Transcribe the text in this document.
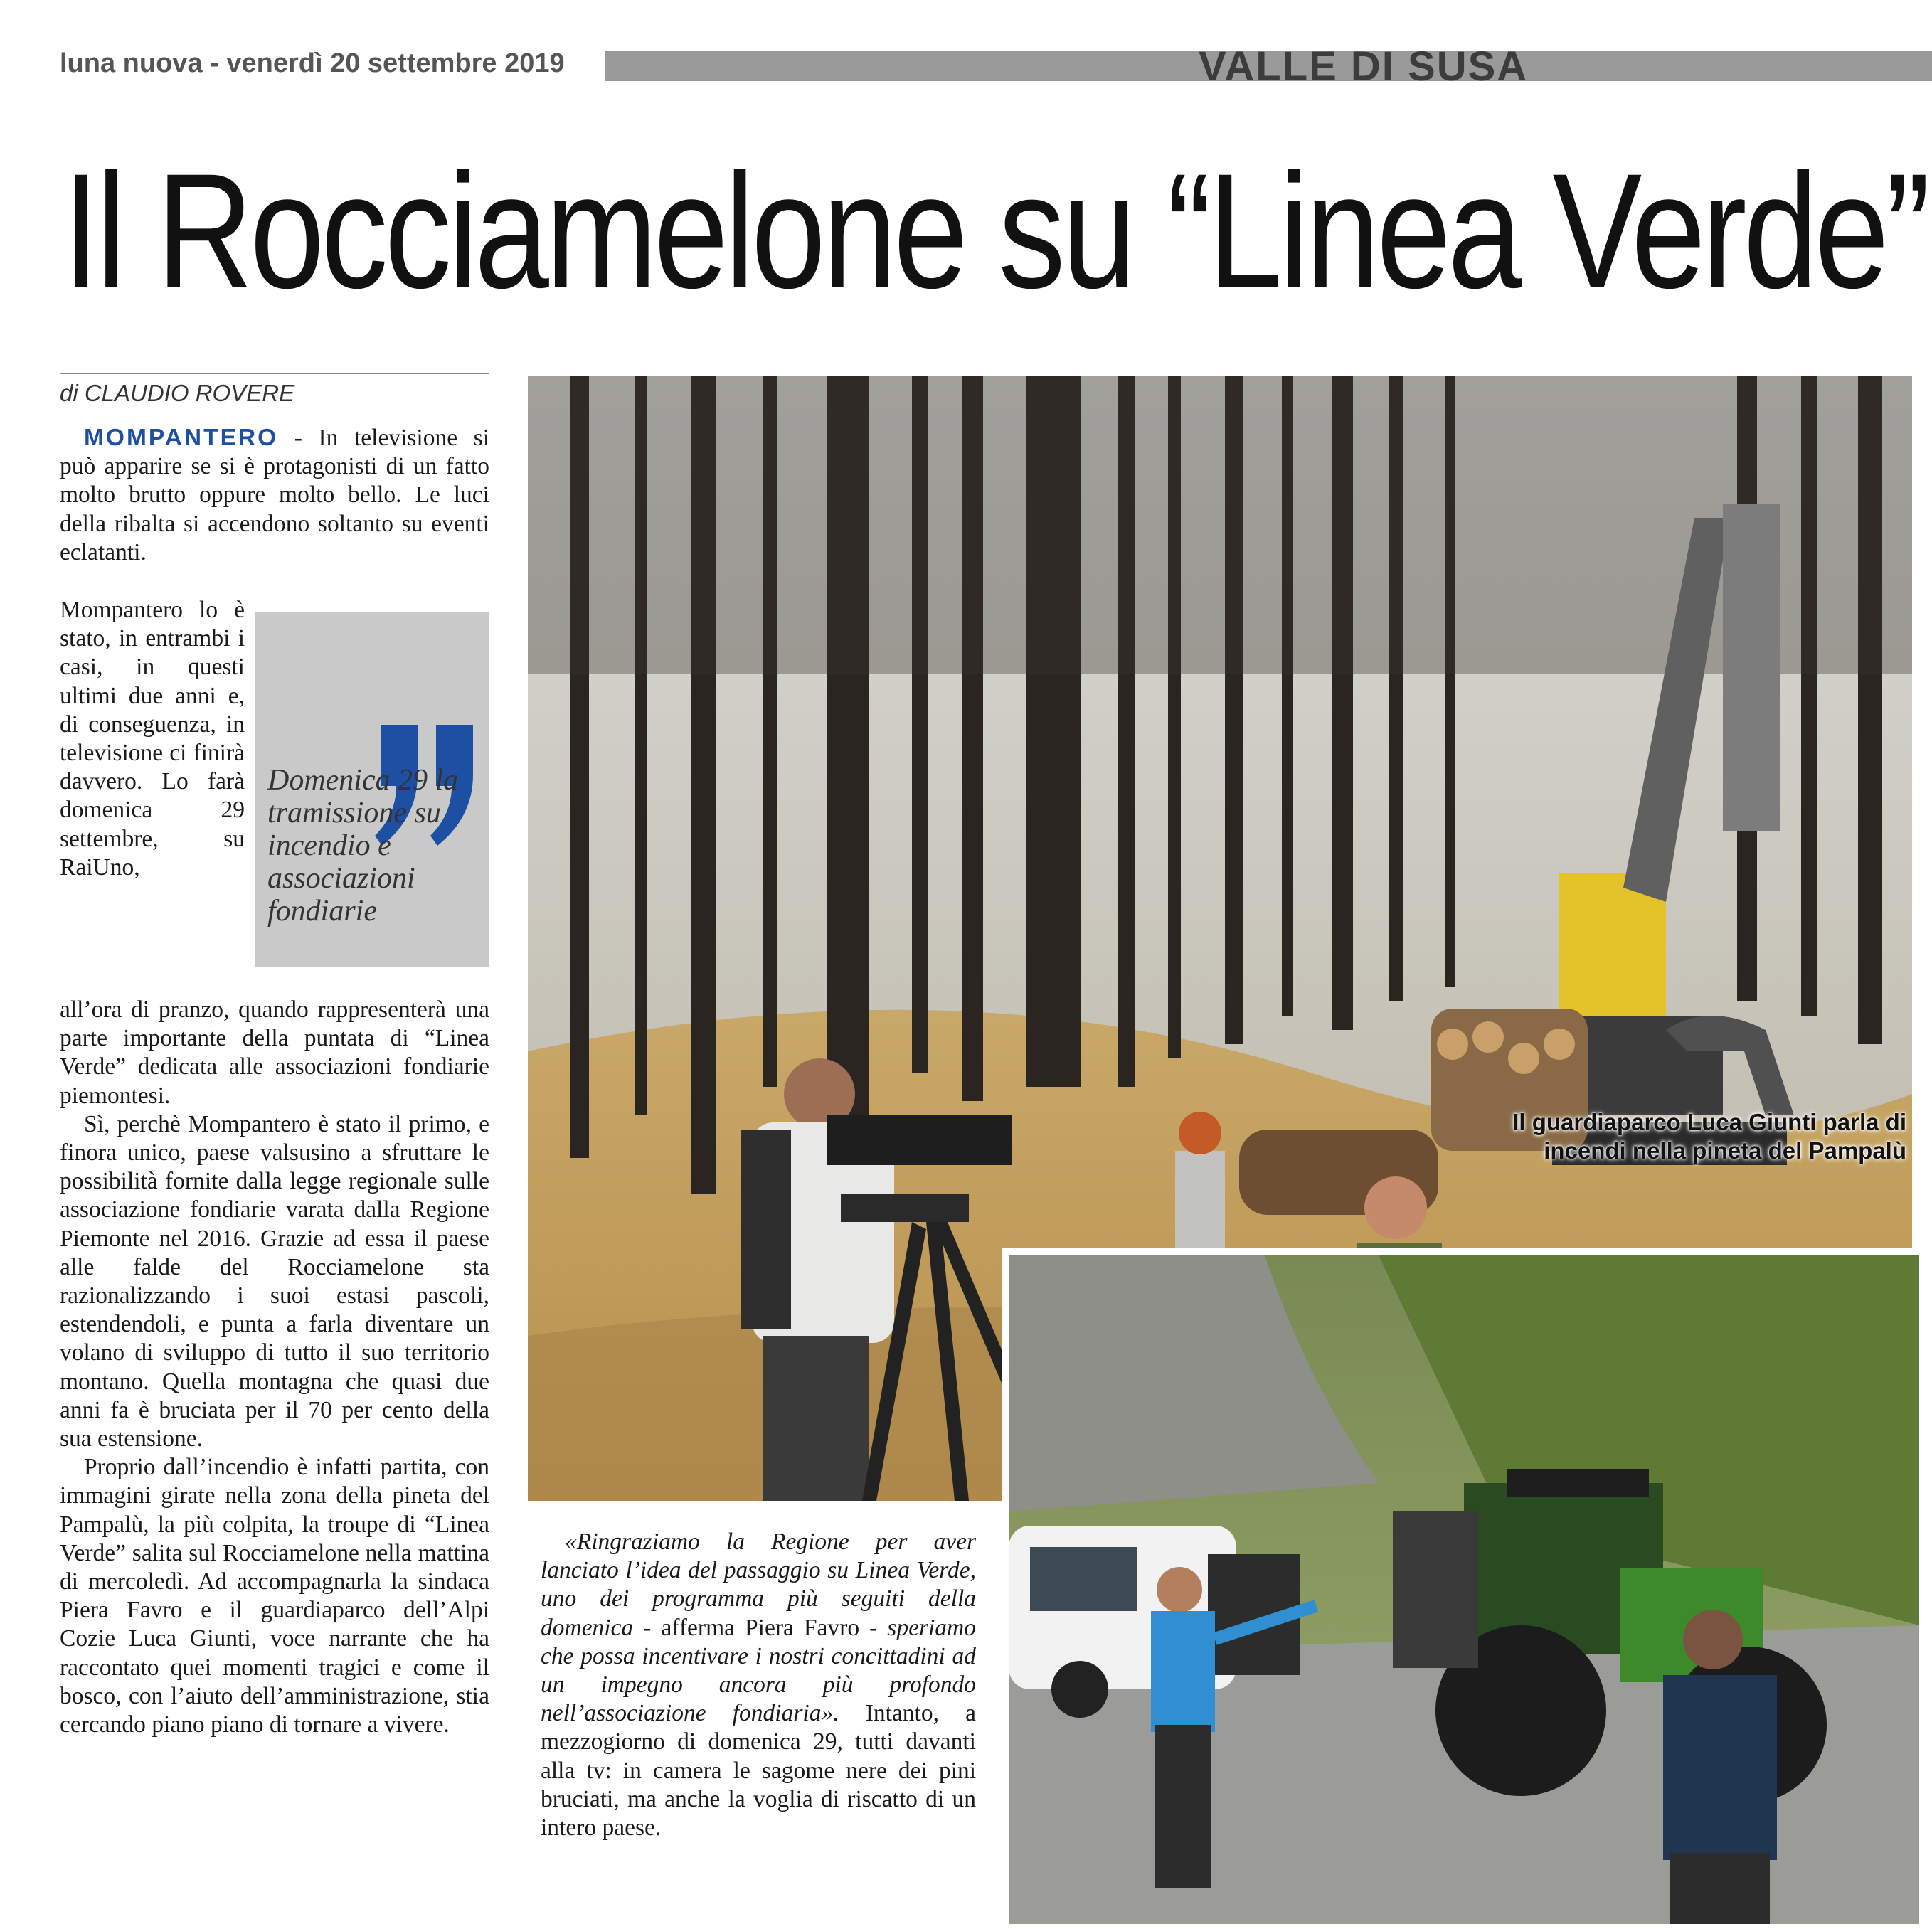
luna nuova - venerdì 20 settembre 2019	VALLE DI SUSA
Il Rocciamelone su “Linea Verde”
di CLAUDIO ROVERE

MOMPANTERO - In televisione si può apparire se si è protagonisti di un fatto molto brutto oppure molto bello. Le luci della ribalta si accendono soltanto su eventi eclatanti.

Mompantero lo è stato, in entrambi i casi, in questi ultimi due anni e, di conseguenza, in televisione ci finirà davvero. Lo farà domenica 29 settembre, su RaiUno,

all’ora di pranzo, quando rappresenterà una parte importante della puntata di “Linea Verde” dedicata alle associazioni fondiarie piemontesi.

Sì, perchè Mompantero è stato il primo, e finora unico, paese valsusino a sfruttare le possibilità fornite dalla legge regionale sulle associazione fondiarie varata dalla Regione Piemonte nel 2016. Grazie ad essa il paese alle falde del Rocciamelone sta razionalizzando i suoi estasi pascoli, estendendoli, e punta a farla diventare un volano di sviluppo di tutto il suo territorio montano. Quella montagna che quasi due anni fa è bruciata per il 70 per cento della sua estensione.

Proprio dall’incendio è infatti partita, con immagini girate nella zona della pineta del Pampalù, la più colpita, la troupe di “Linea Verde” salita sul Rocciamelone nella mattina di mercoledì. Ad accompagnarla la sindaca Piera Favro e il guardiaparco dell’Alpi Cozie Luca Giunti, voce narrante che ha raccontato quei momenti tragici e come il bosco, con l’aiuto dell’amministrazione, stia cercando piano piano di tornare a vivere.

Domenica 29 la tramissione su incendio e associazioni fondiarie
Il guardiaparco Luca Giunti parla di incendi nella pineta del Pampalù

«Ringraziamo la Regione per aver lanciato l’idea del passaggio su Linea Verde, uno dei programma più seguiti della domenica - afferma Piera Favro - speriamo che possa incentivare i nostri concittadini ad un impegno ancora più profondo nell’associazione fondiaria». Intanto, a mezzogiorno di domenica 29, tutti davanti alla tv: in camera le sagome nere dei pini bruciati, ma anche la voglia di riscatto di un intero paese.
